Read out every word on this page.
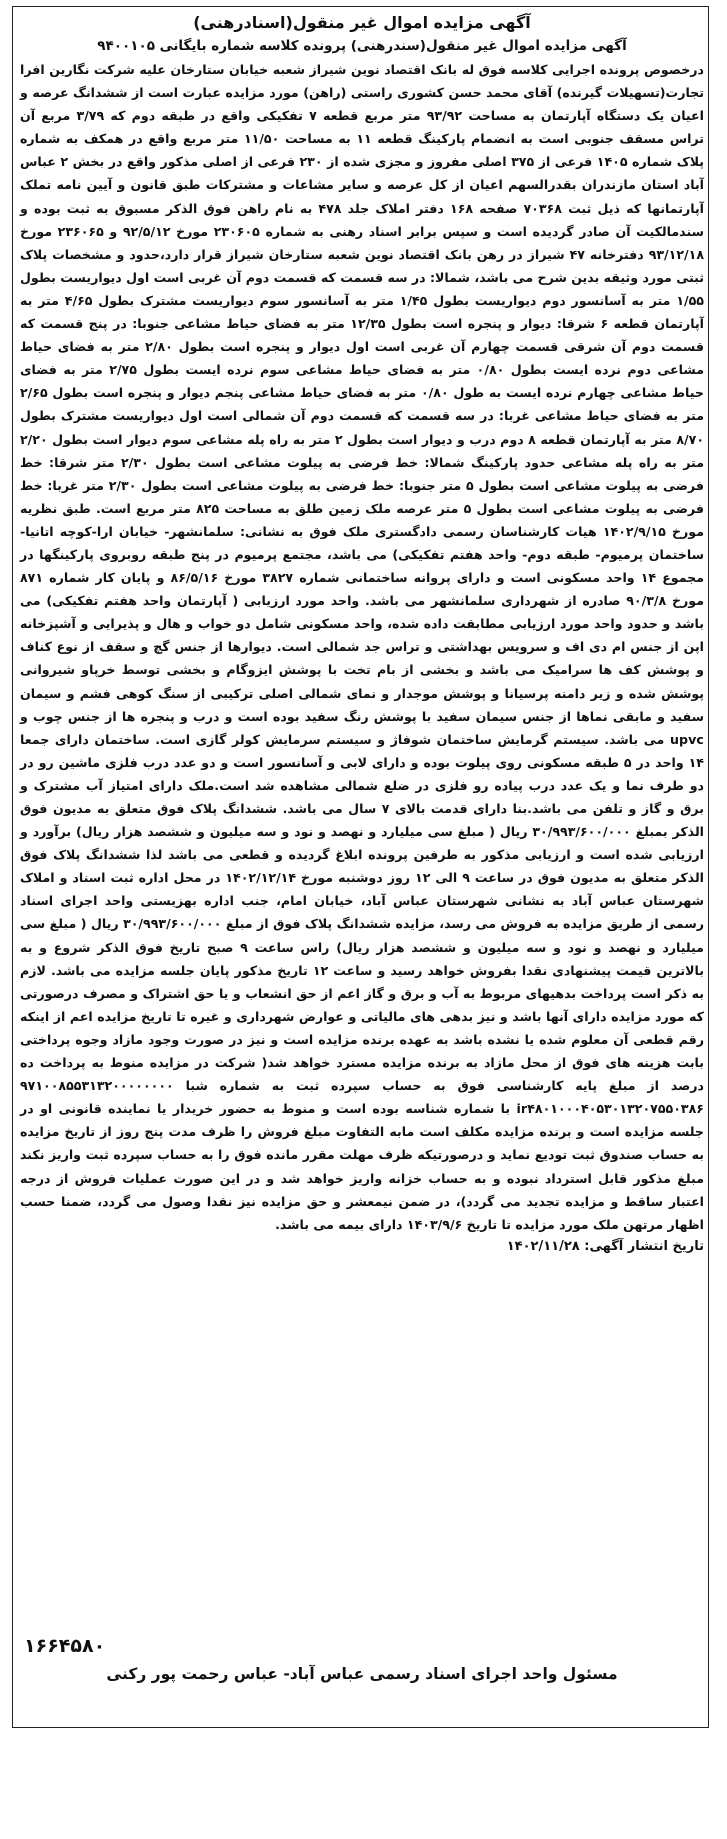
آگهی مزایده اموال غیر منقول(اسنادرهنی)
آگهی مزایده اموال غیر منقول(سندرهنی) پرونده کلاسه شماره بایگانی ۹۴۰۰۱۰۵

درخصوص پرونده اجرایی کلاسه فوق له بانک اقتصاد نوین شیراز شعبه خیابان ستارخان علیه شرکت نگارین افرا تجارت(تسهیلات گیرنده) آقای محمد حسن کشوری راستی (راهن) مورد مزایده عبارت است از ششدانگ عرصه و اعیان یک دستگاه آپارتمان به مساحت ۹۳/۹۲ متر مربع قطعه ۷ تفکیکی واقع در طبقه دوم که ۳/۷۹ مربع آن تراس مسقف جنوبی است به انضمام پارکینگ قطعه ۱۱ به مساحت ۱۱/۵۰ متر مربع واقع در همکف به شماره پلاک شماره ۱۴۰۵ فرعی از ۳۷۵ اصلی مفروز و مجزی شده از ۲۳۰ فرعی از اصلی مذکور واقع در بخش ۲ عباس آباد استان مازندران بقدرالسهم اعیان از کل عرصه و سایر مشاعات و مشترکات طبق قانون و آیین نامه تملک آپارتمانها که ذیل ثبت ۷۰۳۶۸ صفحه ۱۶۸ دفتر املاک جلد ۴۷۸ به نام راهن فوق الذکر مسبوق به ثبت بوده و سندمالکیت آن صادر گردیده است و سپس برابر اسناد رهنی به شماره ۲۳۰۶۰۵ مورخ ۹۲/۵/۱۲ و ۲۳۶۰۶۵ مورخ ۹۳/۱۲/۱۸ دفترخانه ۴۷ شیراز در رهن بانک اقتصاد نوین شعبه ستارخان شیراز قرار دارد،حدود و مشخصات پلاک ثبتی مورد وثیقه بدین شرح می باشد، شمالا: در سه قسمت که قسمت دوم آن غربی است اول دیواریست بطول ۱/۵۵ متر به آسانسور دوم دیواریست بطول ۱/۴۵ متر به آسانسور سوم دیواریست مشترک بطول ۴/۶۵ متر به آپارتمان قطعه ۶ شرقا: دیوار و پنجره است بطول ۱۲/۳۵ متر به فضای حیاط مشاعی جنوبا: در پنج قسمت که قسمت دوم آن شرقی قسمت چهارم آن غربی است اول دیوار و پنجره است بطول ۲/۸۰ متر به فضای حیاط مشاعی دوم نرده ایست بطول ۰/۸۰ متر به فضای حیاط مشاعی سوم نرده ایست بطول ۲/۷۵ متر به فضای حیاط مشاعی چهارم نرده ایست به طول ۰/۸۰ متر به فضای حیاط مشاعی پنجم دیوار و پنجره است بطول ۲/۶۵ متر به فضای حیاط مشاعی غربا: در سه قسمت که قسمت دوم آن شمالی است اول دیواریست مشترک بطول ۸/۷۰ متر به آپارتمان قطعه ۸ دوم درب و دیوار است بطول ۲ متر به راه پله مشاعی سوم دیوار است بطول ۲/۲۰ متر به راه پله مشاعی حدود پارکینگ شمالا: خط فرضی به پیلوت مشاعی است بطول ۲/۳۰ متر شرقا: خط فرضی به پیلوت مشاعی است بطول ۵ متر جنوبا: خط فرضی به پیلوت مشاعی است بطول ۲/۳۰ متر غربا: خط فرضی به پیلوت مشاعی است بطول ۵ متر عرصه ملک زمین طلق به مساحت ۸۲۵ متر مربع است. طبق نظریه مورخ ۱۴۰۲/۹/۱۵ هیات کارشناسان رسمی دادگستری ملک فوق به نشانی: سلمانشهر- خیابان ارا-کوچه اتانیا- ساختمان پرمیوم- طبقه دوم- واحد هفتم تفکیکی) می باشد، مجتمع پرمیوم در پنج طبقه روبروی پارکینگها در مجموع ۱۴ واحد مسکونی است و دارای پروانه ساختمانی شماره ۳۸۲۷ مورخ ۸۶/۵/۱۶ و پایان کار شماره ۸۷۱ مورخ ۹۰/۳/۸ صادره از شهرداری سلمانشهر می باشد. واحد مورد ارزیابی ( آپارتمان واحد هفتم تفکیکی) می باشد و حدود واحد مورد ارزیابی مطابقت داده شده، واحد مسکونی شامل دو خواب و هال و پذیرایی و آشپزخانه اپن از جنس ام دی اف و سرویس بهداشتی و تراس جد شمالی است. دیوارها از جنس گچ و سقف از نوع کناف و پوشش کف ها سرامیک می باشد و بخشی از بام تخت با پوشش ایزوگام و بخشی توسط خرپاو شیروانی پوشش شده و زیر دامنه پرسیانا و پوشش موجدار و نمای شمالی اصلی ترکیبی از سنگ کوهی فشم و سیمان سفید و مابقی نماها از جنس سیمان سفید با پوشش رنگ سفید بوده است و درب و پنجره ها از جنس چوب و upvc می باشد. سیستم گرمایش ساختمان شوفاژ و سیستم سرمایش کولر گازی است. ساختمان دارای جمعا ۱۴ واحد در ۵ طبقه مسکونی روی پیلوت بوده و دارای لابی و آسانسور است و دو عدد درب فلزی ماشین رو در دو طرف نما و یک عدد درب پیاده رو فلزی در ضلع شمالی مشاهده شد است.ملک دارای امتیاز آب مشترک و برق و گاز و تلفن می باشد.بنا دارای قدمت بالای ۷ سال می باشد. ششدانگ پلاک فوق متعلق به مدیون فوق الذکر بمبلغ ۳۰/۹۹۳/۶۰۰/۰۰۰ ریال ( مبلغ سی میلیارد و نهصد و نود و سه میلیون و ششصد هزار ریال) برآورد و ارزیابی شده است و ارزیابی مذکور به طرفین پرونده ابلاغ گردیده و قطعی می باشد لذا ششدانگ پلاک فوق الذکر متعلق به مدیون فوق در ساعت ۹ الی ۱۲ روز دوشنبه مورخ ۱۴۰۲/۱۲/۱۴ در محل اداره ثبت اسناد و املاک شهرستان عباس آباد به نشانی شهرستان عباس آباد، خیابان امام، جنب اداره بهزیستی واحد اجرای اسناد رسمی از طریق مزایده به فروش می رسد، مزایده ششدانگ پلاک فوق از مبلغ ۳۰/۹۹۳/۶۰۰/۰۰۰ ریال ( مبلغ سی میلیارد و نهصد و نود و سه میلیون و ششصد هزار ریال) راس ساعت ۹ صبح تاریخ فوق الذکر شروع و به بالاترین قیمت پیشنهادی نقدا بفروش خواهد رسید و ساعت ۱۲ تاریخ مذکور پایان جلسه مزایده می باشد. لازم به ذکر است پرداخت بدهیهای مربوط به آب و برق و گاز اعم از حق انشعاب و یا حق اشتراک و مصرف درصورتی که مورد مزایده دارای آنها باشد و نیز بدهی های مالیاتی و عوارض شهرداری و غیره تا تاریخ مزایده اعم از اینکه رقم قطعی آن معلوم شده یا نشده باشد به عهده برنده مزایده است و نیز در صورت وجود مازاد وجوه پرداختی بابت هزینه های فوق از محل مازاد به برنده مزایده مسترد خواهد شد( شرکت در مزایده منوط به پرداخت ده درصد از مبلغ پایه کارشناسی فوق به حساب سپرده ثبت به شماره شبا ۹۷۱۰۰۸۵۵۳۱۳۲۰۰۰۰۰۰۰۰ ir۴۸۰۱۰۰۰۴۰۵۳۰۱۳۲۰۷۵۵۰۳۸۶ با شماره شناسه بوده است و منوط به حضور خریدار یا نماینده قانونی او در جلسه مزایده است و برنده مزایده مکلف است مابه التفاوت مبلغ فروش را ظرف مدت پنج روز از تاریخ مزایده به حساب صندوق ثبت تودیع نماید و درصورتیکه ظرف مهلت مقرر مانده فوق را به حساب سپرده ثبت واریز نکند مبلغ مذکور قابل استرداد نبوده و به حساب خزانه واریز خواهد شد و در این صورت عملیات فروش از درجه اعتبار ساقط و مزایده تجدید می گردد)، در ضمن نیمعشر و حق مزایده نیز نقدا وصول می گردد، ضمنا حسب اظهار مرتهن ملک مورد مزایده تا تاریخ ۱۴۰۳/۹/۶ دارای بیمه می باشد.

تاریخ انتشار آگهی: ۱۴۰۲/۱۱/۲۸
۱۶۶۴۵۸۰
مسئول واحد اجرای اسناد رسمی عباس آباد- عباس رحمت پور رکنی
